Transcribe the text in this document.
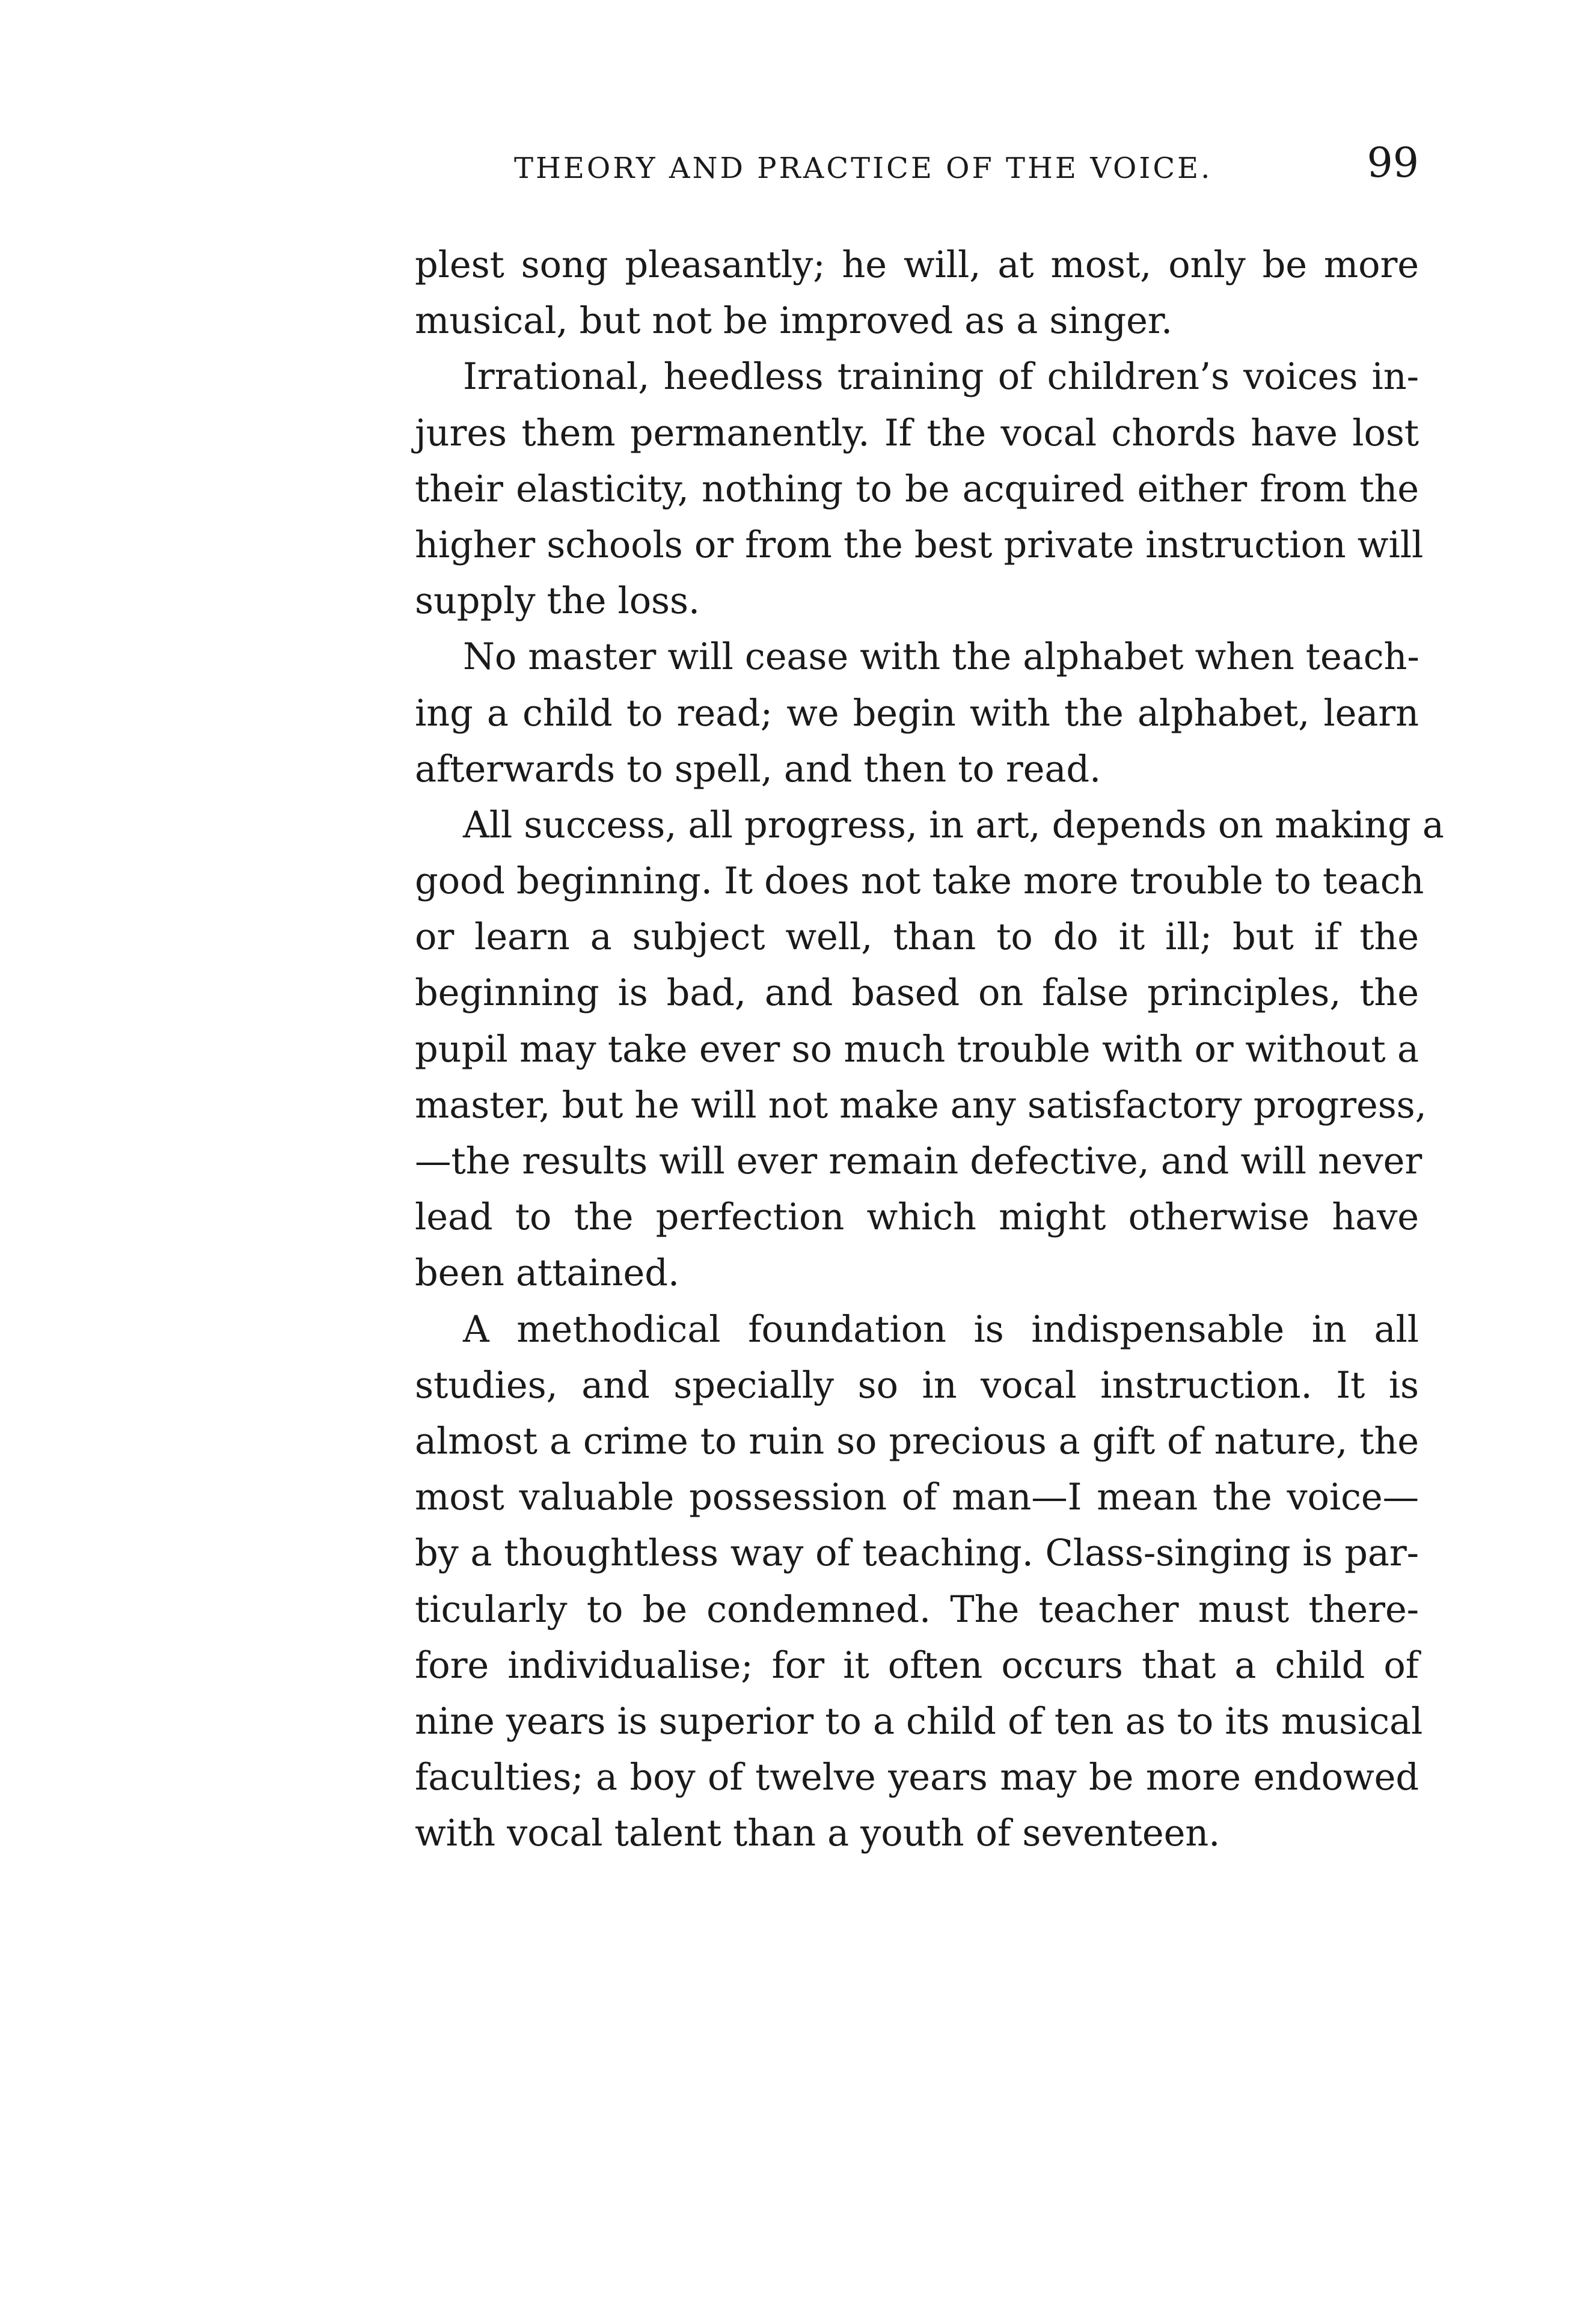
THEORY AND PRACTICE OF THE VOICE.	99
plest song pleasantly; he will, at most, only be more
musical, but not be improved as a singer.
Irrational, heedless training of children’s voices in-
jures them permanently. If the vocal chords have lost
their elasticity, nothing to be acquired either from the
higher schools or from the best private instruction will
supply the loss.
No master will cease with the alphabet when teach-
ing a child to read; we begin with the alphabet, learn
afterwards to spell, and then to read.
All success, all progress, in art, depends on making a
good beginning. It does not take more trouble to teach
or learn a subject well, than to do it ill; but if the
beginning is bad, and based on false principles, the
pupil may take ever so much trouble with or without a
master, but he will not make any satisfactory progress,
—the results will ever remain defective, and will never
lead to the perfection which might otherwise have
been attained.
A methodical foundation is indispensable in all
studies, and specially so in vocal instruction. It is
almost a crime to ruin so precious a gift of nature, the
most valuable possession of man—I mean the voice—
by a thoughtless way of teaching. Class-singing is par-
ticularly to be condemned. The teacher must there-
fore individualise; for it often occurs that a child of
nine years is superior to a child of ten as to its musical
faculties; a boy of twelve years may be more endowed
with vocal talent than a youth of seventeen.
